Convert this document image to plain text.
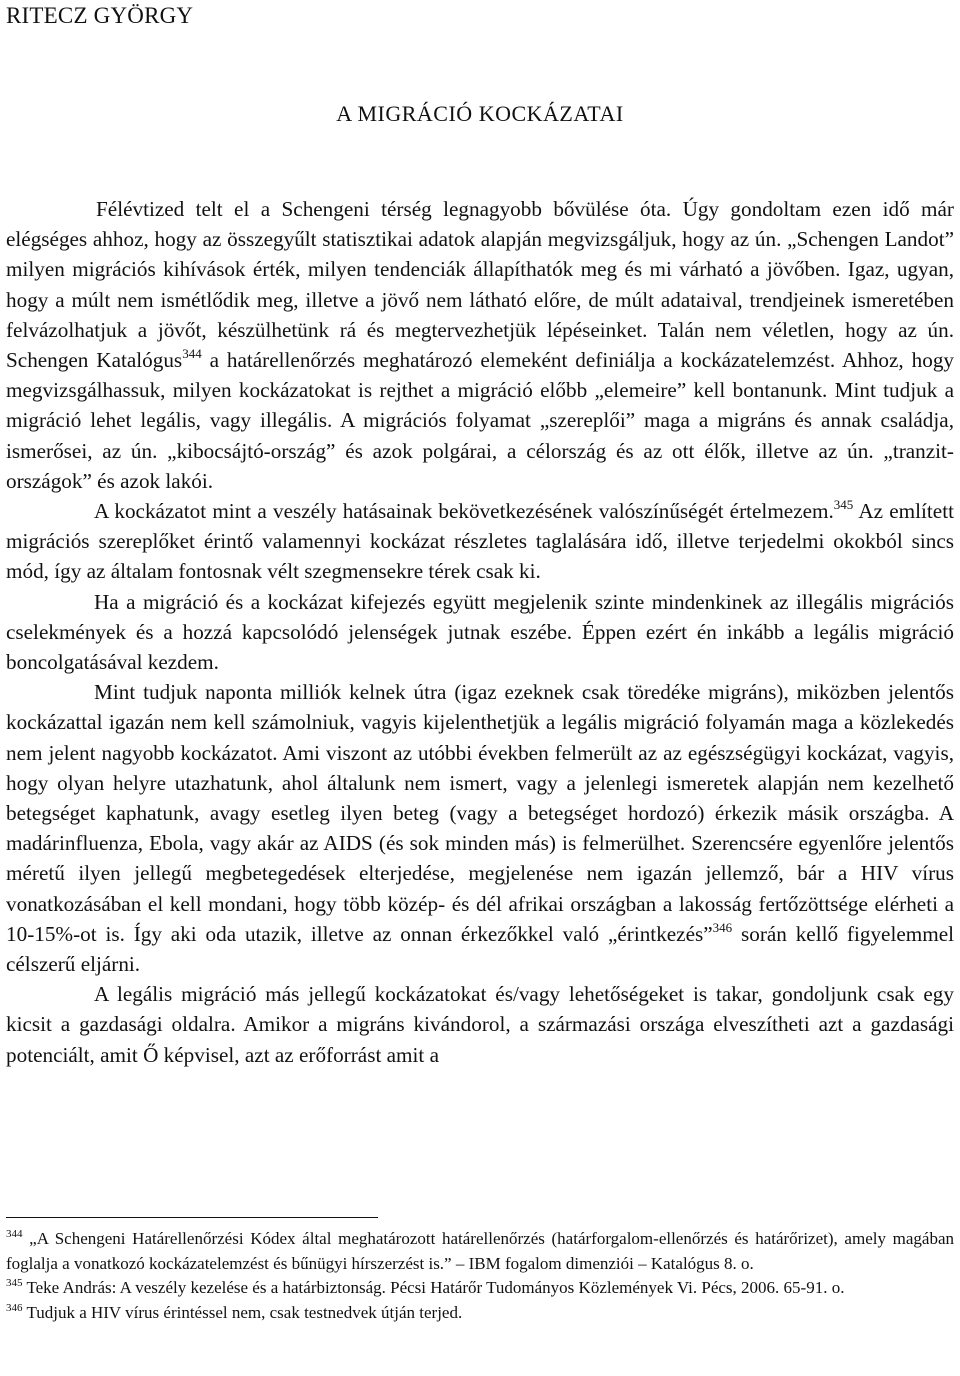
RITECZ GYÖRGY
A MIGRÁCIÓ KOCKÁZATAI

Félévtized telt el a Schengeni térség legnagyobb bővülése óta. Úgy gondoltam ezen idő már elégséges ahhoz, hogy az összegyűlt statisztikai adatok alapján megvizsgáljuk, hogy az ún. „Schengen Landot” milyen migrációs kihívások érték, milyen tendenciák állapíthatók meg és mi várható a jövőben. Igaz, ugyan, hogy a múlt nem ismétlődik meg, illetve a jövő nem látható előre, de múlt adataival, trendjeinek ismeretében felvázolhatjuk a jövőt, készülhetünk rá és megtervezhetjük lépéseinket. Talán nem véletlen, hogy az ún. Schengen Katalógus$^{344}$ a határellenőrzés meghatározó elemeként definiálja a kockázatelemzést. Ahhoz, hogy megvizsgálhassuk, milyen kockázatokat is rejthet a migráció előbb „elemeire” kell bontanunk. Mint tudjuk a migráció lehet legális, vagy illegális. A migrációs folyamat „szereplői” maga a migráns és annak családja, ismerősei, az ún. „kibocsájtó-ország” és azok polgárai, a célország és az ott élők, illetve az ún. „tranzit-országok” és azok lakói.

A kockázatot mint a veszély hatásainak bekövetkezésének valószínűségét értelmezem.$^{345}$ Az említett migrációs szereplőket érintő valamennyi kockázat részletes taglalására idő, illetve terjedelmi okokból sincs mód, így az általam fontosnak vélt szegmensekre térek csak ki.

Ha a migráció és a kockázat kifejezés együtt megjelenik szinte mindenkinek az illegális migrációs cselekmények és a hozzá kapcsolódó jelenségek jutnak eszébe. Éppen ezért én inkább a legális migráció boncolgatásával kezdem.

Mint tudjuk naponta milliók kelnek útra (igaz ezeknek csak töredéke migráns), miközben jelentős kockázattal igazán nem kell számolniuk, vagyis kijelenthetjük a legális migráció folyamán maga a közlekedés nem jelent nagyobb kockázatot. Ami viszont az utóbbi években felmerült az az egészségügyi kockázat, vagyis, hogy olyan helyre utazhatunk, ahol általunk nem ismert, vagy a jelenlegi ismeretek alapján nem kezelhető betegséget kaphatunk, avagy esetleg ilyen beteg (vagy a betegséget hordozó) érkezik másik országba. A madárinfluenza, Ebola, vagy akár az AIDS (és sok minden más) is felmerülhet. Szerencsére egyenlőre jelentős méretű ilyen jellegű megbetegedések elterjedése, megjelenése nem igazán jellemző, bár a HIV vírus vonatkozásában el kell mondani, hogy több közép- és dél afrikai országban a lakosság fertőzöttsége elérheti a 10-15%-ot is. Így aki oda utazik, illetve az onnan érkezőkkel való „érintkezés”$^{346}$ során kellő figyelemmel célszerű eljárni.

A legális migráció más jellegű kockázatokat és/vagy lehetőségeket is takar, gondoljunk csak egy kicsit a gazdasági oldalra. Amikor a migráns kivándorol, a származási országa elveszítheti azt a gazdasági potenciált, amit Ő képvisel, azt az erőforrást amit a

$^{344}$ „A Schengeni Határellenőrzési Kódex által meghatározott határellenőrzés (határforgalom-ellenőrzés és határőrizet), amely magában foglalja a vonatkozó kockázatelemzést és bűnügyi hírszerzést is.” – IBM fogalom dimenziói – Katalógus 8. o.

$^{345}$ Teke András: A veszély kezelése és a határbiztonság. Pécsi Határőr Tudományos Közlemények Vi. Pécs, 2006. 65-91. o.

$^{346}$ Tudjuk a HIV vírus érintéssel nem, csak testnedvek útján terjed.
